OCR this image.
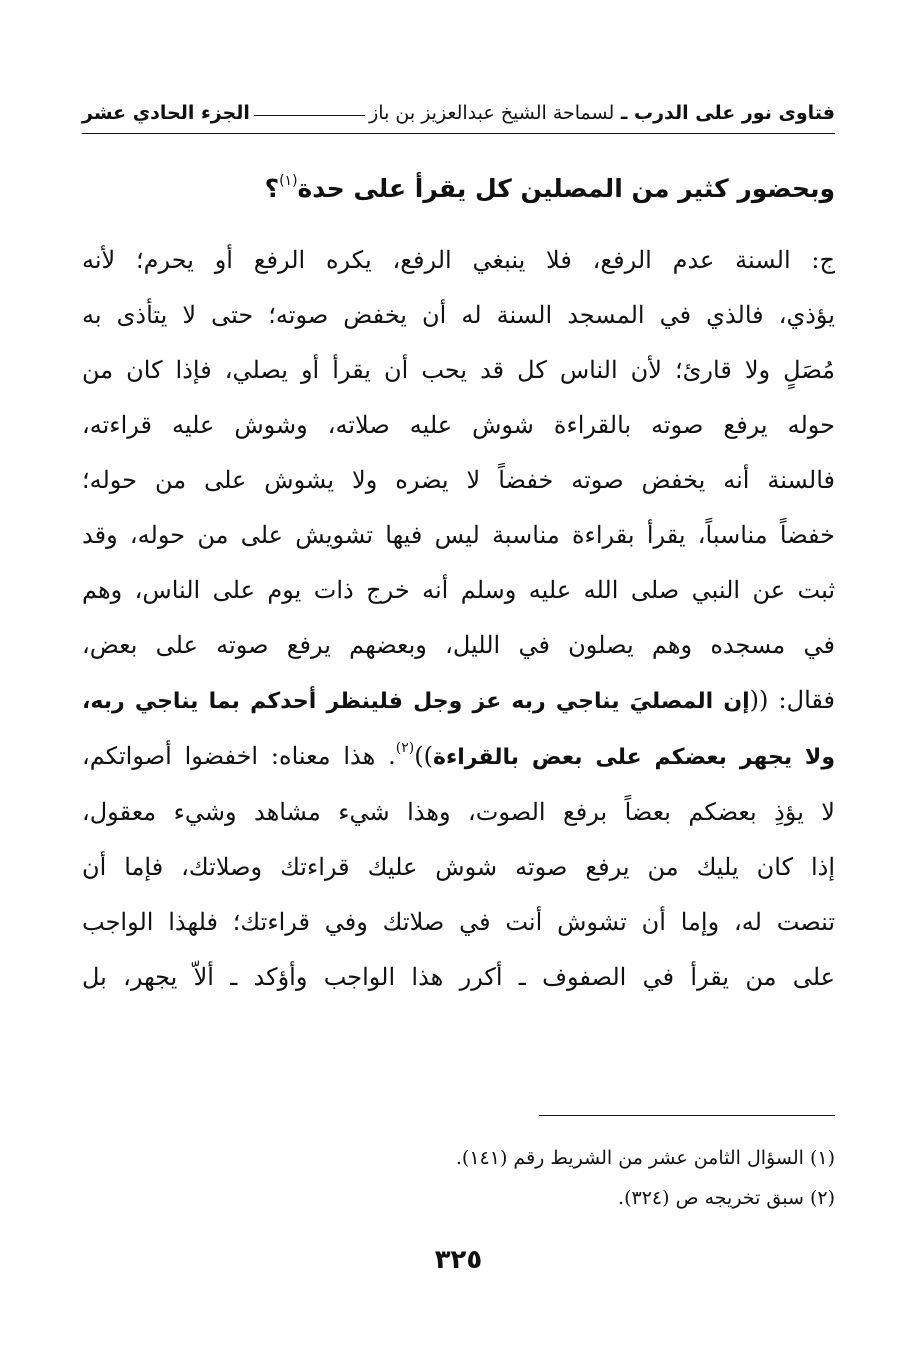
فتاوى نور على الدرب
ـ
لسماحة الشيخ عبدالعزيز بن باز
الجزء الحادي عشر
وبحضور كثير من المصلين كل يقرأ على حدة$^{(١)}$؟
ج: السنة عدم الرفع، فلا ينبغي الرفع، يكره الرفع أو يحرم؛ لأنه
يؤذي، فالذي في المسجد السنة له أن يخفض صوته؛ حتى لا يتأذى به
مُصَلٍ ولا قارئ؛ لأن الناس كل قد يحب أن يقرأ أو يصلي، فإذا كان من
حوله يرفع صوته بالقراءة شوش عليه صلاته، وشوش عليه قراءته،
فالسنة أنه يخفض صوته خفضاً لا يضره ولا يشوش على من حوله؛
خفضاً مناسباً، يقرأ بقراءة مناسبة ليس فيها تشويش على من حوله، وقد
ثبت عن النبي صلى الله عليه وسلم أنه خرج ذات يوم على الناس، وهم
في مسجده وهم يصلون في الليل، وبعضهم يرفع صوته على بعض،
فقال: ((إن المصليَ يناجي ربه عز وجل فلينظر أحدكم بما يناجي ربه،
ولا يجهر بعضكم على بعض بالقراءة))$^{(٢)}$. هذا معناه: اخفضوا أصواتكم،
لا يؤذِ بعضكم بعضاً برفع الصوت، وهذا شيء مشاهد وشيء معقول،
إذا كان يليك من يرفع صوته شوش عليك قراءتك وصلاتك، فإما أن
تنصت له، وإما أن تشوش أنت في صلاتك وفي قراءتك؛ فلهذا الواجب
على من يقرأ في الصفوف ـ أكرر هذا الواجب وأؤكد ـ ألاّ يجهر، بل
(١) السؤال الثامن عشر من الشريط رقم (١٤١).
(٢) سبق تخريجه ص (٣٢٤).
٣٢٥
